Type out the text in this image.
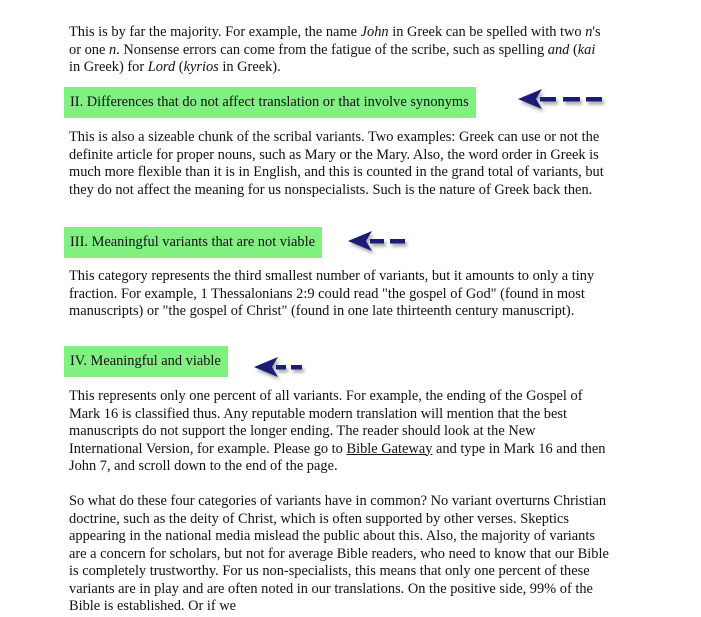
This is by far the majority. For example, the name John in Greek can be spelled with two n's or one n. Nonsense errors can come from the fatigue of the scribe, such as spelling and (kai in Greek) for Lord (kyrios in Greek).

II. Differences that do not affect translation or that involve synonyms

This is also a sizeable chunk of the scribal variants. Two examples: Greek can use or not the definite article for proper nouns, such as Mary or the Mary. Also, the word order in Greek is much more flexible than it is in English, and this is counted in the grand total of variants, but they do not affect the meaning for us nonspecialists. Such is the nature of Greek back then.

III. Meaningful variants that are not viable

This category represents the third smallest number of variants, but it amounts to only a tiny fraction. For example, 1 Thessalonians 2:9 could read "the gospel of God" (found in most manuscripts) or "the gospel of Christ" (found in one late thirteenth century manuscript).

IV. Meaningful and viable

This represents only one percent of all variants. For example, the ending of the Gospel of Mark 16 is classified thus. Any reputable modern translation will mention that the best manuscripts do not support the longer ending. The reader should look at the New International Version, for example. Please go to Bible Gateway and type in Mark 16 and then John 7, and scroll down to the end of the page.

So what do these four categories of variants have in common? No variant overturns Christian doctrine, such as the deity of Christ, which is often supported by other verses. Skeptics appearing in the national media mislead the public about this. Also, the majority of variants are a concern for scholars, but not for average Bible readers, who need to know that our Bible is completely trustworthy. For us non-specialists, this means that only one percent of these variants are in play and are often noted in our translations. On the positive side, 99% of the Bible is established. Or if we
